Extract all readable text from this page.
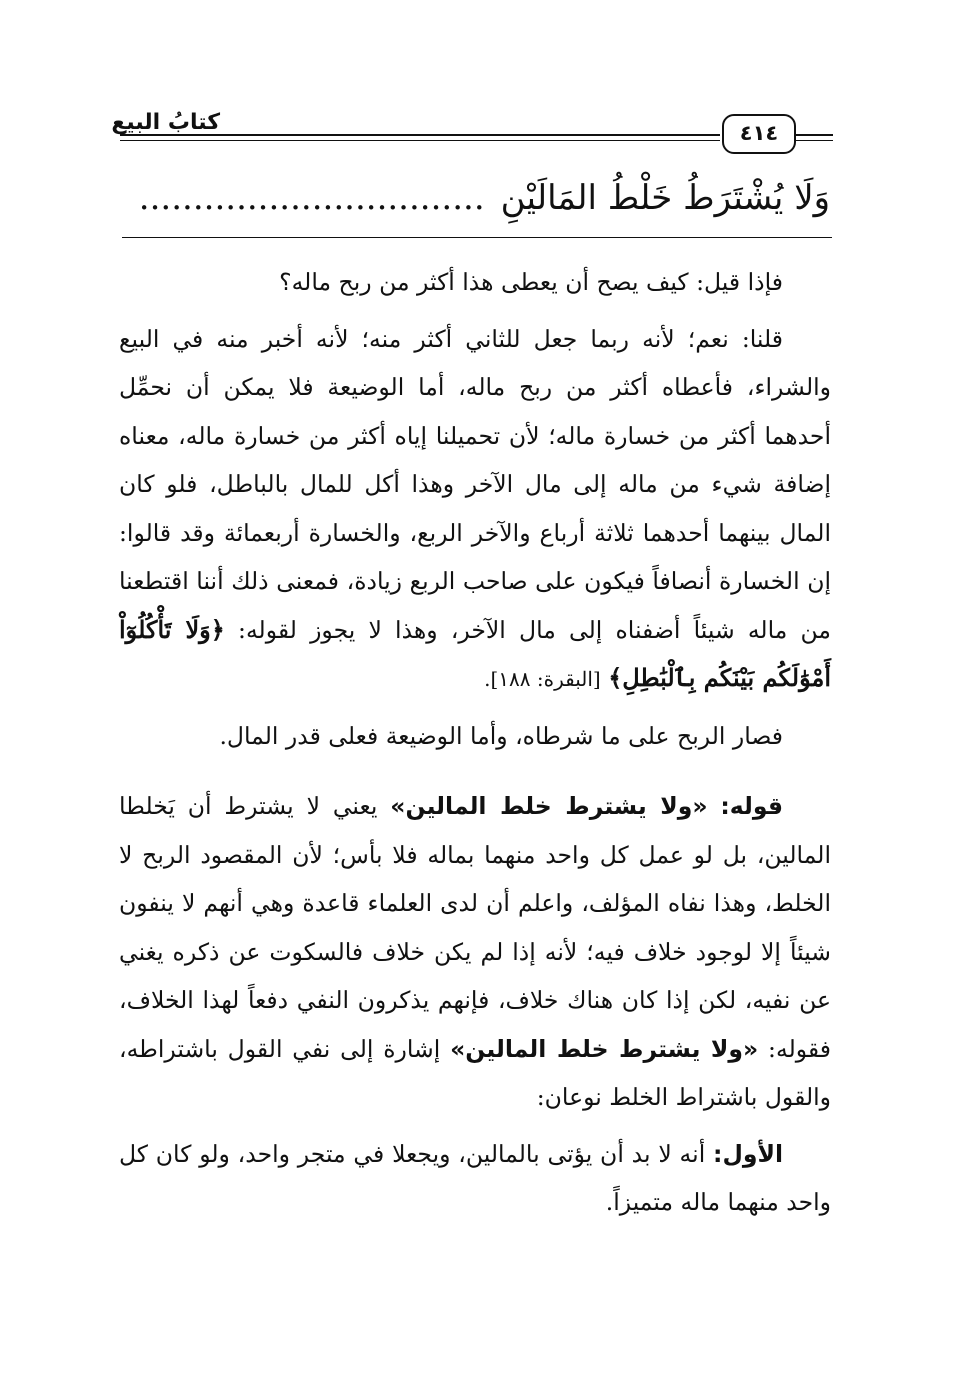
كتابُ البيع	٤١٤
وَلَا يُشْتَرَطُ خَلْطُ المَالَيْنِ................................

فإذا قيل: كيف يصح أن يعطى هذا أكثر من ربح ماله؟

قلنا: نعم؛ لأنه ربما جعل للثاني أكثر منه؛ لأنه أخبر منه في البيع والشراء، فأعطاه أكثر من ربح ماله، أما الوضيعة فلا يمكن أن نحمِّل أحدهما أكثر من خسارة ماله؛ لأن تحميلنا إياه أكثر من خسارة ماله، معناه إضافة شيء من ماله إلى مال الآخر وهذا أكل للمال بالباطل، فلو كان المال بينهما أحدهما ثلاثة أرباع والآخر الربع، والخسارة أربعمائة وقد قالوا: إن الخسارة أنصافاً فيكون على صاحب الربع زيادة، فمعنى ذلك أننا اقتطعنا من ماله شيئاً أضفناه إلى مال الآخر، وهذا لا يجوز لقوله: ﴿وَلَا تَأْكُلُوٓاْ أَمْوَٰلَكُم بَيْنَكُم بِٱلْبَٰطِلِ﴾ [البقرة: ١٨٨].

فصار الربح على ما شرطاه، وأما الوضيعة فعلى قدر المال.

قوله: «ولا يشترط خلط المالين» يعني لا يشترط أن يَخلطا المالين، بل لو عمل كل واحد منهما بماله فلا بأس؛ لأن المقصود الربح لا الخلط، وهذا نفاه المؤلف، واعلم أن لدى العلماء قاعدة وهي أنهم لا ينفون شيئاً إلا لوجود خلاف فيه؛ لأنه إذا لم يكن خلاف فالسكوت عن ذكره يغني عن نفيه، لكن إذا كان هناك خلاف، فإنهم يذكرون النفي دفعاً لهذا الخلاف، فقوله: «ولا يشترط خلط المالين» إشارة إلى نفي القول باشتراطه، والقول باشتراط الخلط نوعان:

الأول: أنه لا بد أن يؤتى بالمالين، ويجعلا في متجر واحد، ولو كان كل واحد منهما ماله متميزاً.
